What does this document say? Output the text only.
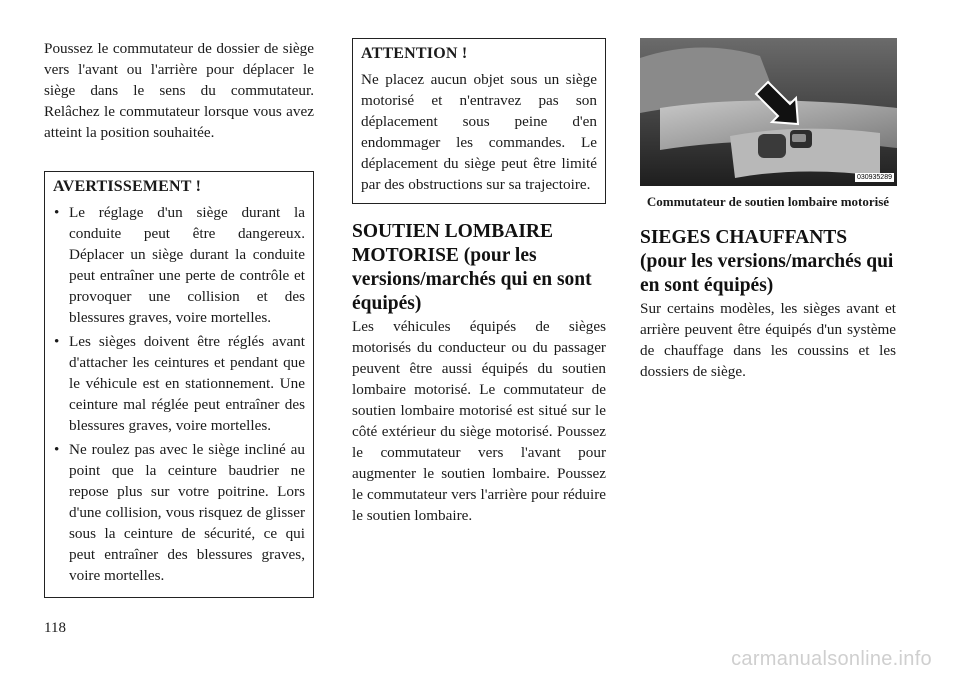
Poussez le commutateur de dossier de siège vers l'avant ou l'arrière pour déplacer le siège dans le sens du commutateur. Relâchez le commutateur lorsque vous avez atteint la position souhaitée.

AVERTISSEMENT !
• Le réglage d'un siège durant la conduite peut être dangereux. Déplacer un siège durant la conduite peut entraîner une perte de contrôle et provoquer une collision et des blessures graves, voire mortelles.
• Les sièges doivent être réglés avant d'attacher les ceintures et pendant que le véhicule est en stationnement. Une ceinture mal réglée peut entraîner des blessures graves, voire mortelles.
• Ne roulez pas avec le siège incliné au point que la ceinture baudrier ne repose plus sur votre poitrine. Lors d'une collision, vous risquez de glisser sous la ceinture de sécurité, ce qui peut entraîner des blessures graves, voire mortelles.
ATTENTION !

Ne placez aucun objet sous un siège motorisé et n'entravez pas son déplacement sous peine d'en endommager les commandes. Le déplacement du siège peut être limité par des obstructions sur sa trajectoire.

SOUTIEN LOMBAIRE MOTORISE (pour les versions/marchés qui en sont équipés)

Les véhicules équipés de sièges motorisés du conducteur ou du passager peuvent être aussi équipés du soutien lombaire motorisé. Le commutateur de soutien lombaire motorisé est situé sur le côté extérieur du siège motorisé. Poussez le commutateur vers l'avant pour augmenter le soutien lombaire. Poussez le commutateur vers l'arrière pour réduire le soutien lombaire.

030935289
Commutateur de soutien lombaire motorisé
SIEGES CHAUFFANTS (pour les versions/marchés qui en sont équipés)

Sur certains modèles, les sièges avant et arrière peuvent être équipés d'un système de chauffage dans les coussins et les dossiers de siège.

118
carmanualsonline.info
